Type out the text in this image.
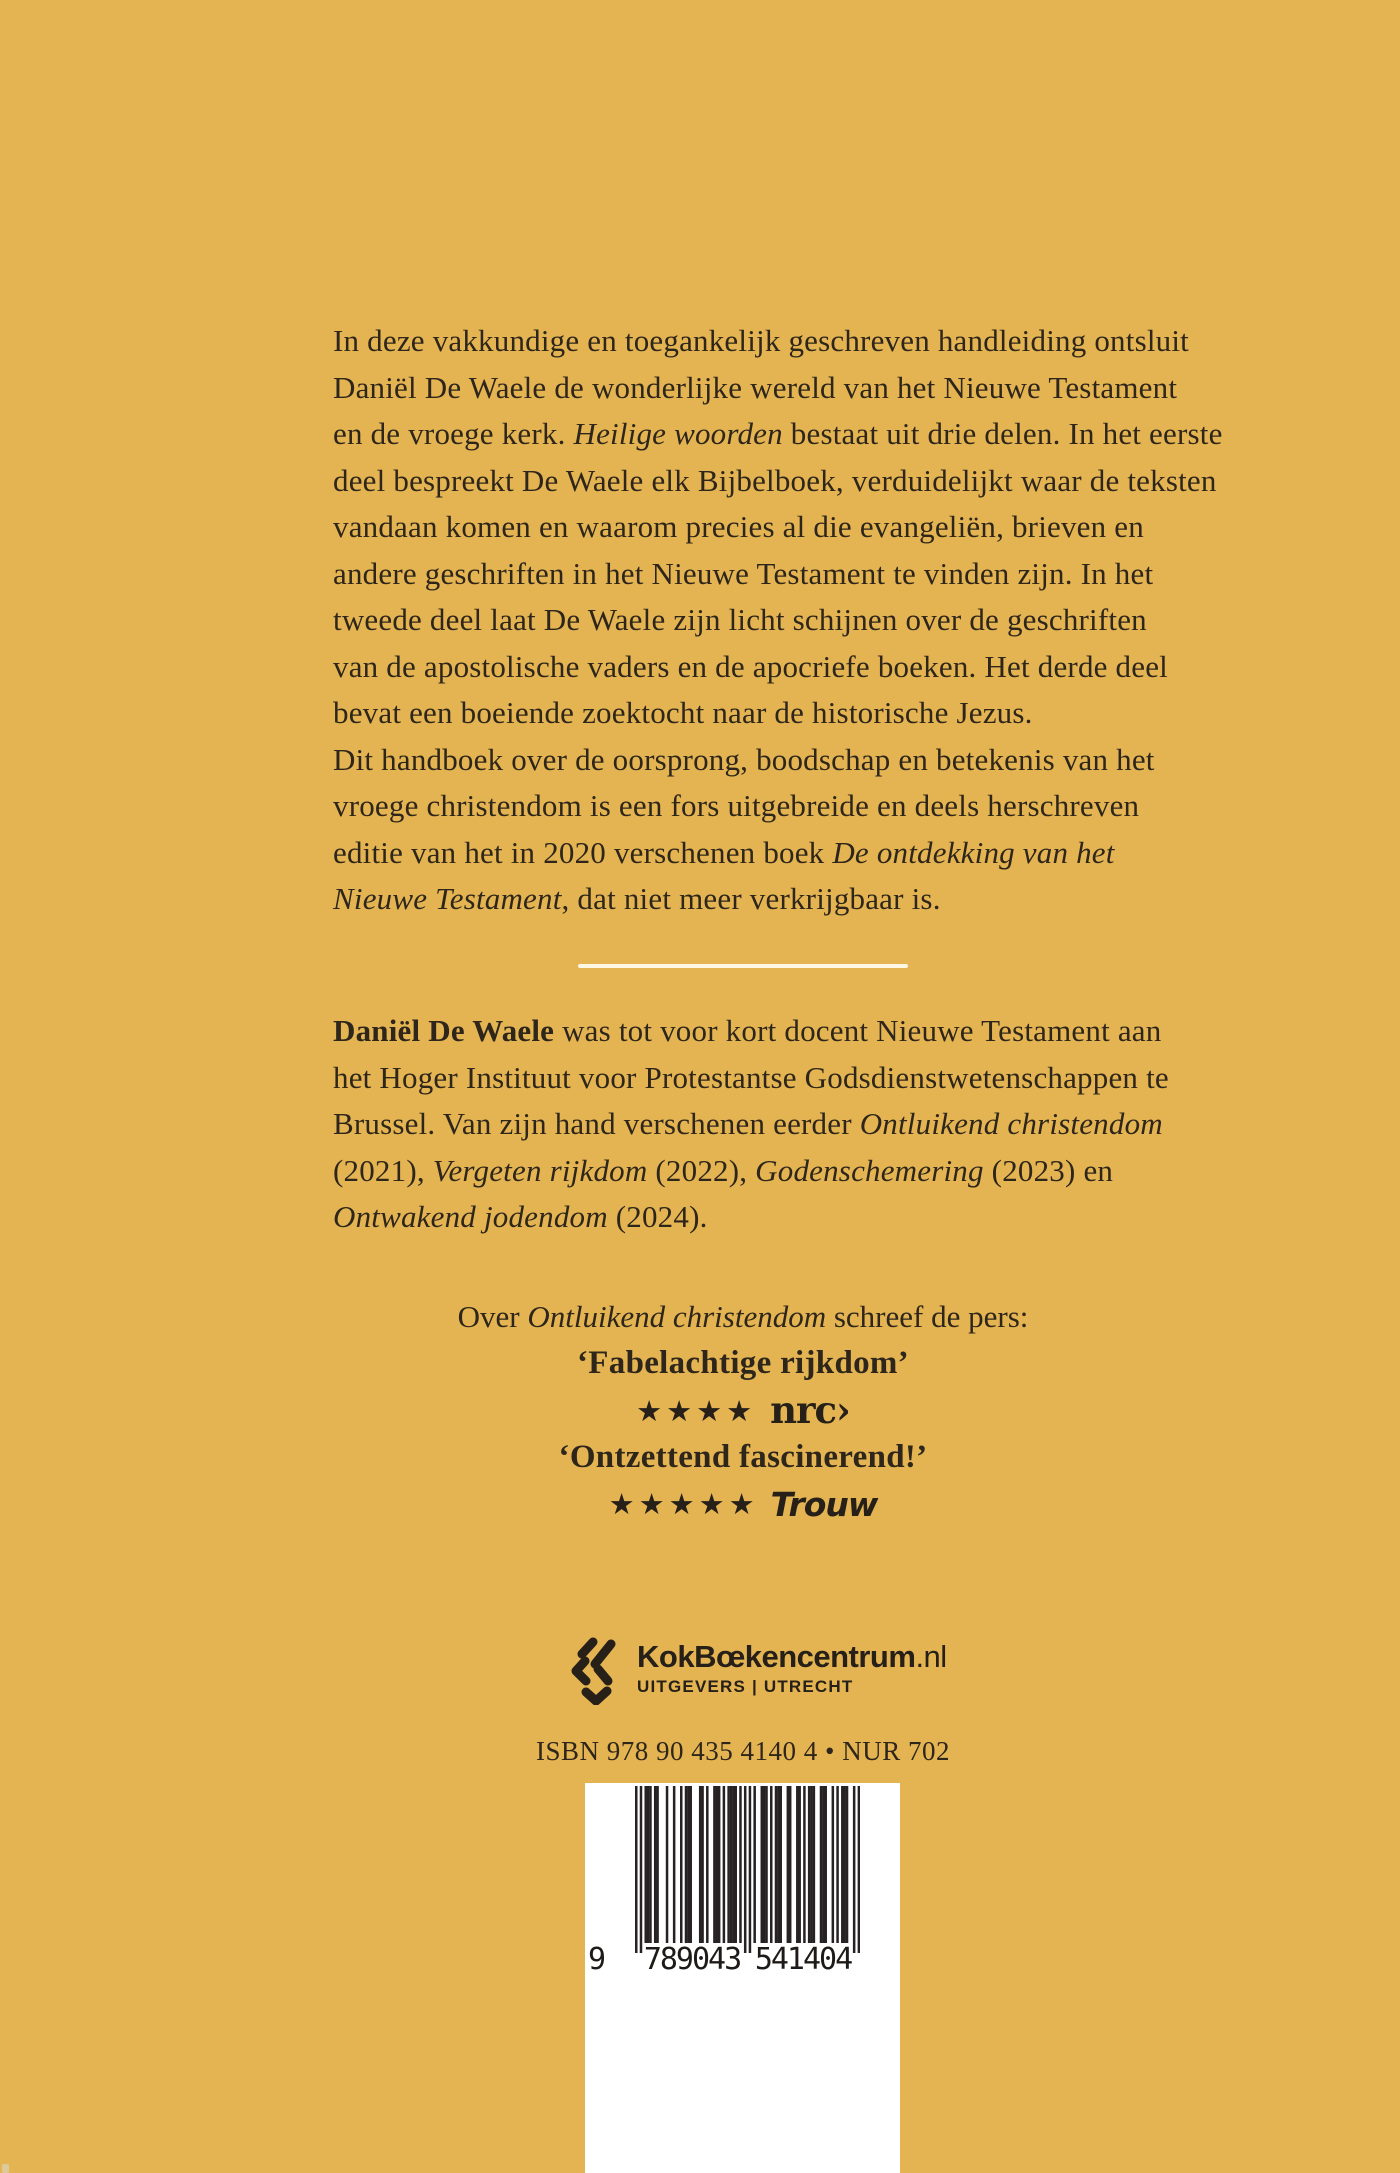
In deze vakkundige en toegankelijk geschreven handleiding ontsluit
Daniël De Waele de wonderlijke wereld van het Nieuwe Testament
en de vroege kerk. Heilige woorden bestaat uit drie delen. In het eerste
deel bespreekt De Waele elk Bijbelboek, verduidelijkt waar de teksten
vandaan komen en waarom precies al die evangeliën, brieven en
andere geschriften in het Nieuwe Testament te vinden zijn. In het
tweede deel laat De Waele zijn licht schijnen over de geschriften
van de apostolische vaders en de apocriefe boeken. Het derde deel
bevat een boeiende zoektocht naar de historische Jezus.
Dit handboek over de oorsprong, boodschap en betekenis van het
vroege christendom is een fors uitgebreide en deels herschreven
editie van het in 2020 verschenen boek De ontdekking van het
Nieuwe Testament, dat niet meer verkrijgbaar is.
Daniël De Waele was tot voor kort docent Nieuwe Testament aan
het Hoger Instituut voor Protestantse Godsdienstwetenschappen te
Brussel. Van zijn hand verschenen eerder Ontluikend christendom
(2021), Vergeten rijkdom (2022), Godenschemering (2023) en
Ontwakend jodendom (2024).
Over Ontluikend christendom schreef de pers:
‘Fabelachtige rijkdom’
★★★★ nrc›
‘Ontzettend fascinerend!’
★★★★★ Trouw
KokBœkencentrum.nl
UITGEVERS | UTRECHT
ISBN 978 90 435 4140 4 • NUR 702
9 789043 541404
